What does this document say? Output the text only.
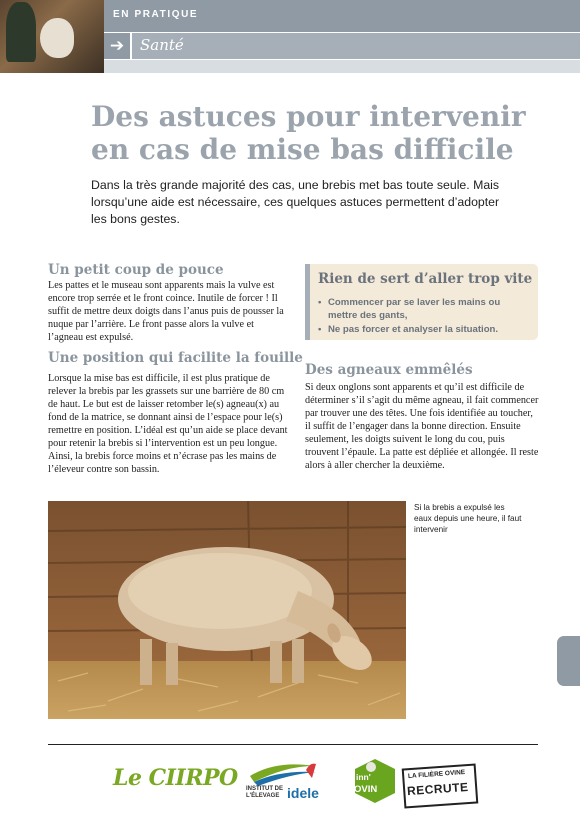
EN PRATIQUE
➔	Santé
Des astuces pour intervenir en cas de mise bas difficile
Dans la très grande majorité des cas, une brebis met bas toute seule. Mais lorsqu’une aide est nécessaire, ces quelques astuces permettent d’adopter les bons gestes.
Un petit coup de pouce
Les pattes et le museau sont apparents mais la vulve est encore trop serrée et le front coince. Inutile de forcer ! Il suffit de mettre deux doigts dans l’anus puis de pousser la nuque par l’arrière. Le front passe alors la vulve et l’agneau est expulsé.
Une position qui facilite la fouille
Lorsque la mise bas est difficile, il est plus pratique de relever la brebis par les grassets sur une barrière de 80 cm de haut. Le but est de laisser retomber le(s) agneau(x) au fond de la matrice, se donnant ainsi de l’espace pour le(s) remettre en position. L’idéal est qu’un aide se place devant pour retenir la brebis si l’intervention est un peu longue. Ainsi, la brebis force moins et n’écrase pas les mains de l’éleveur contre son bassin.
Rien de sert d’aller trop vite
• Commencer par se laver les mains ou mettre des gants,
• Ne pas forcer et analyser la situation.
Des agneaux emmêlés
Si deux onglons sont apparents et qu’il est difficile de déterminer s’il s’agit du même agneau, il fait commencer par trouver une des têtes. Une fois identifiée au toucher, il suffit de l’engager dans la bonne direction. Ensuite seulement, les doigts suivent le long du cou, puis trouvent l’épaule. La patte est dépliée et allongée. Il reste alors à aller chercher la deuxième.
Si la brebis a expulsé les eaux depuis une heure, il faut intervenir
Le CIIRPO INSTITUT DE
L'ÉLEVAGE idele
inn'
OVIN
LA FILIÈRE OVINE
RECRUTE
